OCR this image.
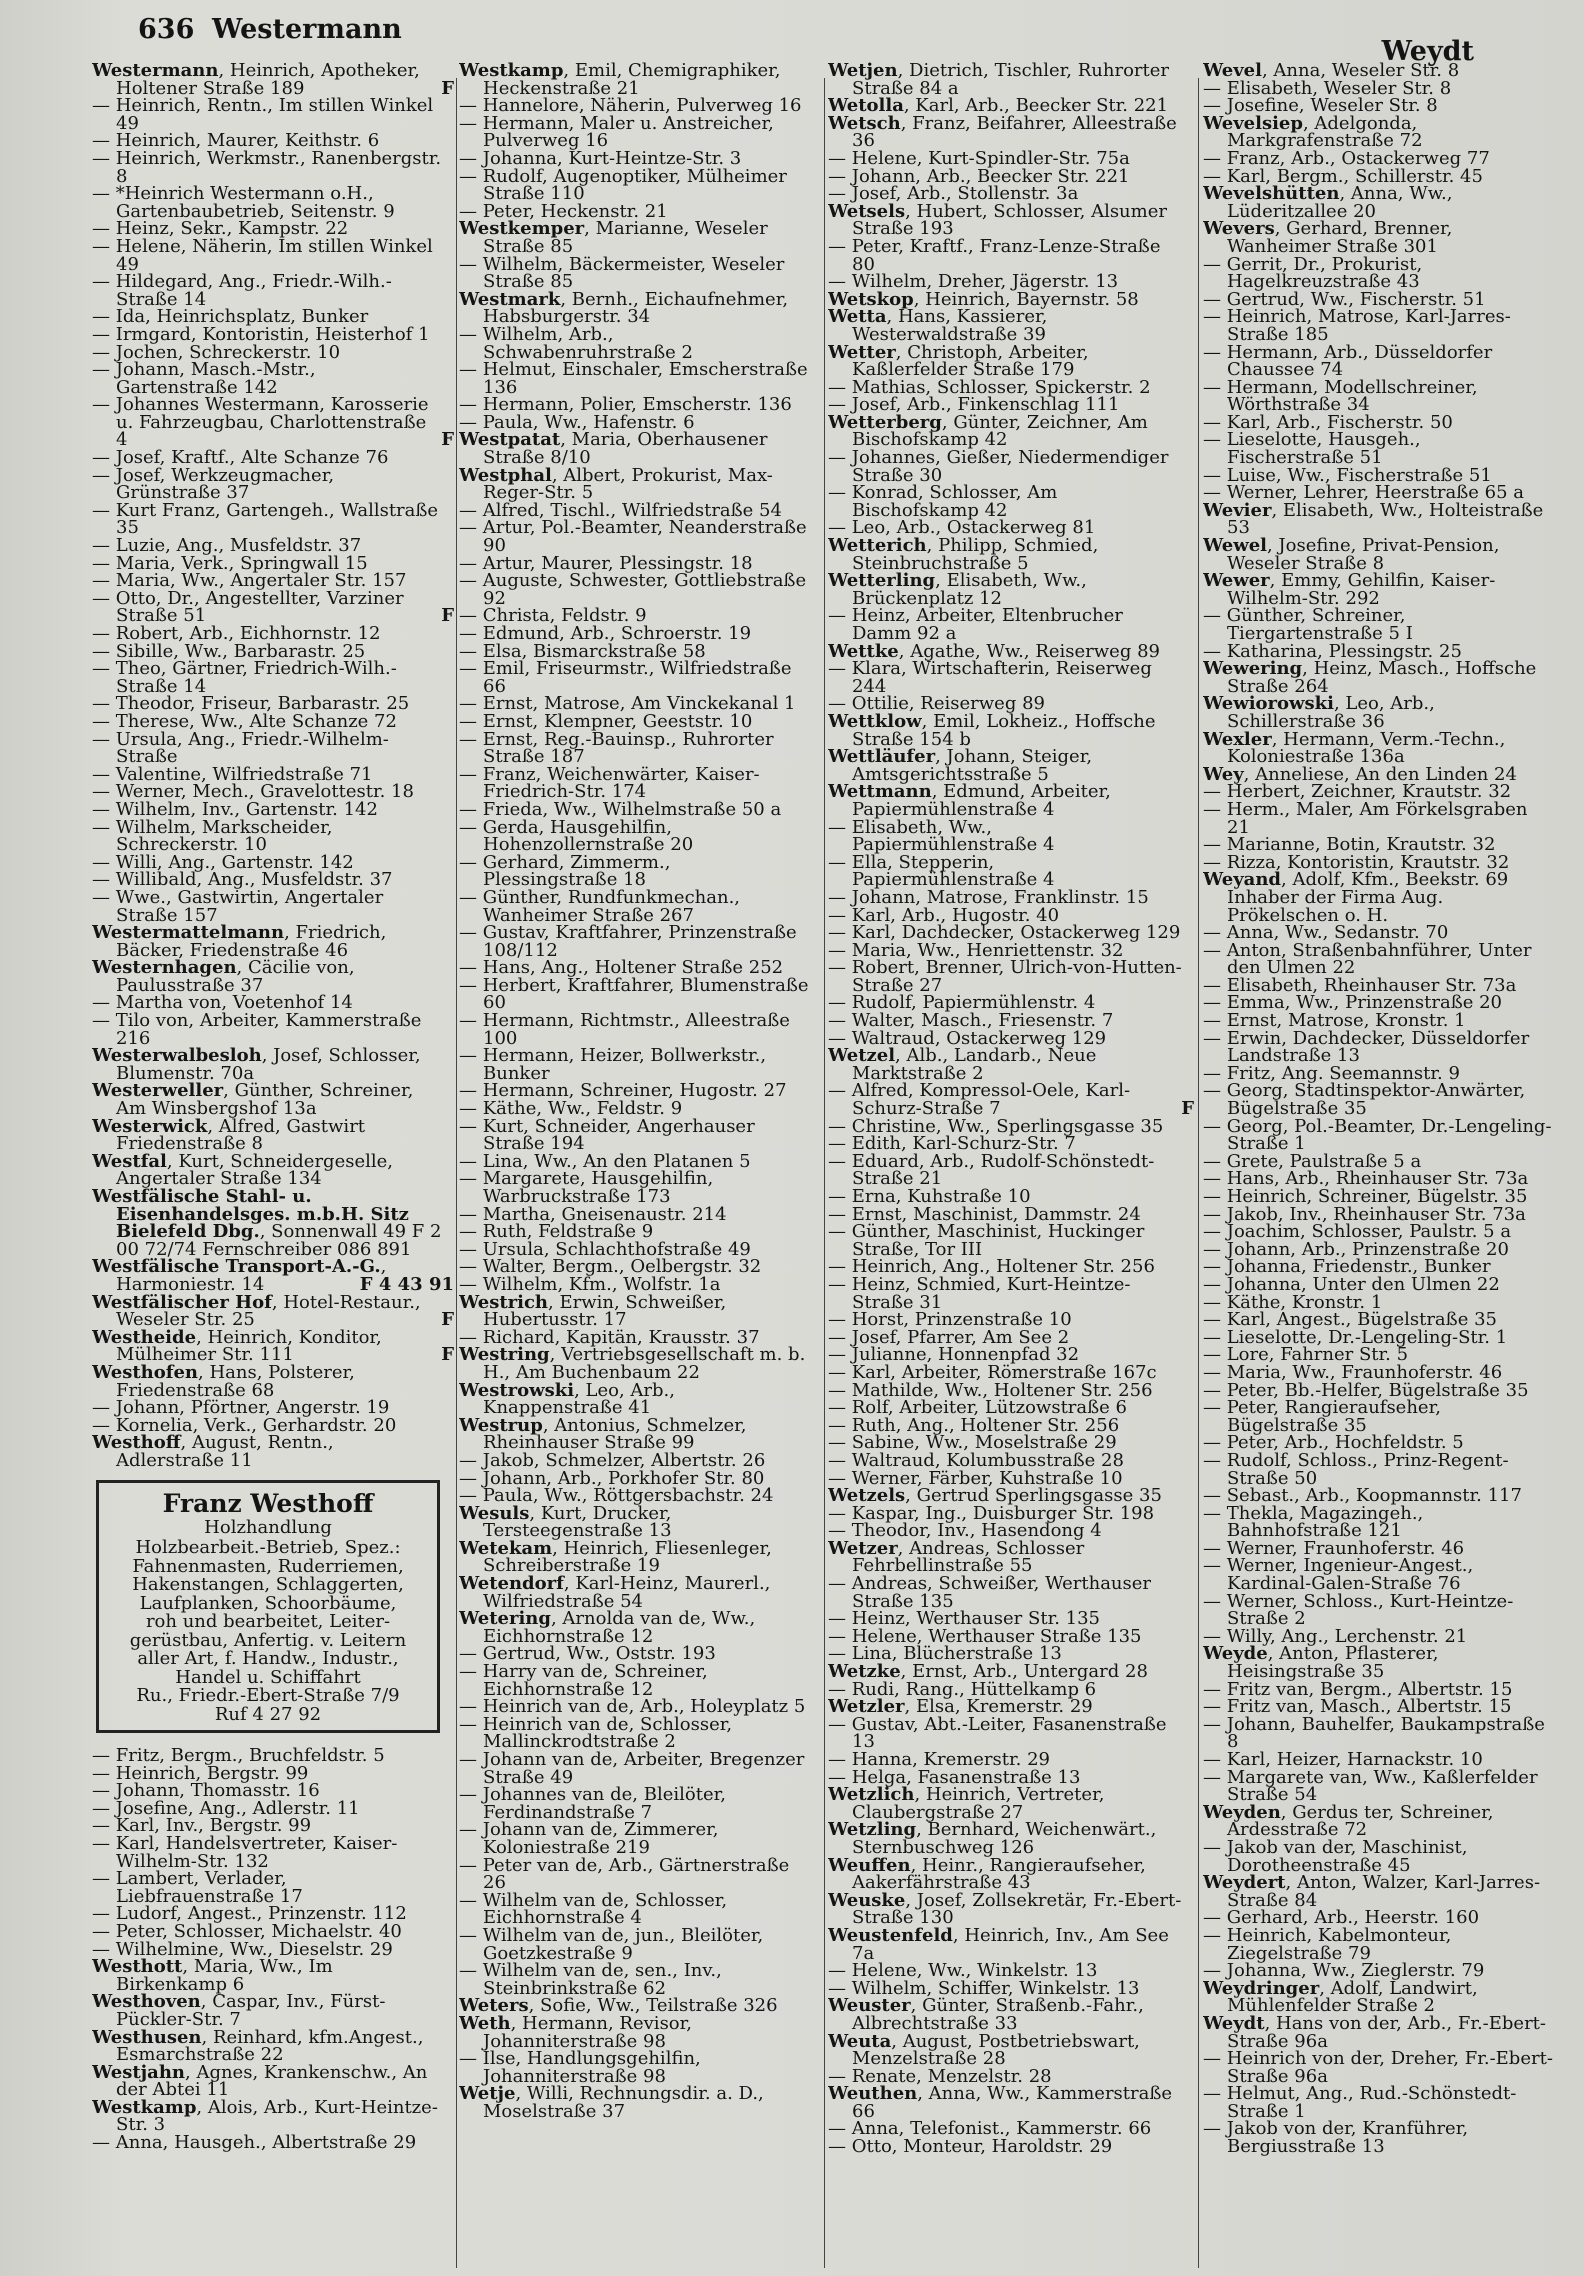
636 Westermann
Weydt
Westermann, Heinrich, Apotheker, Holtener Straße 189	F
— Heinrich, Rentn., Im stillen Winkel 49
— Heinrich, Maurer, Keithstr. 6
— Heinrich, Werkmstr., Ranenbergstr. 8
— *Heinrich Westermann o.H., Gartenbaubetrieb, Seitenstr. 9
— Heinz, Sekr., Kampstr. 22
— Helene, Näherin, Im stillen Winkel 49
— Hildegard, Ang., Friedr.-Wilh.-Straße 14
— Ida, Heinrichsplatz, Bunker
— Irmgard, Kontoristin, Heisterhof 1
— Jochen, Schreckerstr. 10
— Johann, Masch.-Mstr., Gartenstraße 142
— Johannes Westermann, Karosserie u. Fahrzeugbau, Charlottenstraße 4	F
— Josef, Kraftf., Alte Schanze 76
— Josef, Werkzeugmacher, Grünstraße 37
— Kurt Franz, Gartengeh., Wallstraße 35
— Luzie, Ang., Musfeldstr. 37
— Maria, Verk., Springwall 15
— Maria, Ww., Angertaler Str. 157
— Otto, Dr., Angestellter, Varziner Straße 51	F
— Robert, Arb., Eichhornstr. 12
— Sibille, Ww., Barbarastr. 25
— Theo, Gärtner, Friedrich-Wilh.-Straße 14
— Theodor, Friseur, Barbarastr. 25
— Therese, Ww., Alte Schanze 72
— Ursula, Ang., Friedr.-Wilhelm-Straße
— Valentine, Wilfriedstraße 71
— Werner, Mech., Gravelottestr. 18
— Wilhelm, Inv., Gartenstr. 142
— Wilhelm, Markscheider, Schreckerstr. 10
— Willi, Ang., Gartenstr. 142
— Willibald, Ang., Musfeldstr. 37
— Wwe., Gastwirtin, Angertaler Straße 157
Westermattelmann, Friedrich, Bäcker, Friedenstraße 46
Westernhagen, Cäcilie von, Paulusstraße 37
— Martha von, Voetenhof 14
— Tilo von, Arbeiter, Kammerstraße 216
Westerwalbesloh, Josef, Schlosser, Blumenstr. 70a
Westerweller, Günther, Schreiner, Am Winsbergshof 13a
Westerwick, Alfred, Gastwirt Friedenstraße 8
Westfal, Kurt, Schneidergeselle, Angertaler Straße 134
Westfälische Stahl- u. Eisenhandelsges. m.b.H. Sitz Bielefeld Dbg., Sonnenwall 49 F 2 00 72/74 Fernschreiber 086 891
Westfälische Transport-A.-G., Harmoniestr. 14	F 4 43 91
Westfälischer Hof, Hotel-Restaur., Weseler Str. 25	F
Westheide, Heinrich, Konditor, Mülheimer Str. 111	F
Westhofen, Hans, Polsterer, Friedenstraße 68
— Johann, Pförtner, Angerstr. 19
— Kornelia, Verk., Gerhardstr. 20
Westhoff, August, Rentn., Adlerstraße 11
Franz Westhoff
Holzhandlung
Holzbearbeit.-Betrieb, Spez.:
Fahnenmasten, Ruderriemen,
Hakenstangen, Schlaggerten,
Laufplanken, Schoorbäume,
roh und bearbeitet, Leiter-
gerüstbau, Anfertig. v. Leitern
aller Art, f. Handw., Industr.,
Handel u. Schiffahrt
Ru., Friedr.-Ebert-Straße 7/9
Ruf 4 27 92
— Fritz, Bergm., Bruchfeldstr. 5
— Heinrich, Bergstr. 99
— Johann, Thomasstr. 16
— Josefine, Ang., Adlerstr. 11
— Karl, Inv., Bergstr. 99
— Karl, Handelsvertreter, Kaiser-Wilhelm-Str. 132
— Lambert, Verlader, Liebfrauenstraße 17
— Ludorf, Angest., Prinzenstr. 112
— Peter, Schlosser, Michaelstr. 40
— Wilhelmine, Ww., Dieselstr. 29
Westhott, Maria, Ww., Im Birkenkamp 6
Westhoven, Caspar, Inv., Fürst-Pückler-Str. 7
Westhusen, Reinhard, kfm.Angest., Esmarchstraße 22
Westjahn, Agnes, Krankenschw., An der Abtei 11
Westkamp, Alois, Arb., Kurt-Heintze-Str. 3
— Anna, Hausgeh., Albertstraße 29
Westkamp, Emil, Chemigraphiker, Heckenstraße 21
— Hannelore, Näherin, Pulverweg 16
— Hermann, Maler u. Anstreicher, Pulverweg 16
— Johanna, Kurt-Heintze-Str. 3
— Rudolf, Augenoptiker, Mülheimer Straße 110
— Peter, Heckenstr. 21
Westkemper, Marianne, Weseler Straße 85
— Wilhelm, Bäckermeister, Weseler Straße 85
Westmark, Bernh., Eichaufnehmer, Habsburgerstr. 34
— Wilhelm, Arb., Schwabenruhrstraße 2
— Helmut, Einschaler, Emscherstraße 136
— Hermann, Polier, Emscherstr. 136
— Paula, Ww., Hafenstr. 6
Westpatat, Maria, Oberhausener Straße 8/10
Westphal, Albert, Prokurist, Max-Reger-Str. 5
— Alfred, Tischl., Wilfriedstraße 54
— Artur, Pol.-Beamter, Neanderstraße 90
— Artur, Maurer, Plessingstr. 18
— Auguste, Schwester, Gottliebstraße 92
— Christa, Feldstr. 9
— Edmund, Arb., Schroerstr. 19
— Elsa, Bismarckstraße 58
— Emil, Friseurmstr., Wilfriedstraße 66
— Ernst, Matrose, Am Vinckekanal 1
— Ernst, Klempner, Geeststr. 10
— Ernst, Reg.-Bauinsp., Ruhrorter Straße 187
— Franz, Weichenwärter, Kaiser-Friedrich-Str. 174
— Frieda, Ww., Wilhelmstraße 50 a
— Gerda, Hausgehilfin, Hohenzollernstraße 20
— Gerhard, Zimmerm., Plessingstraße 18
— Günther, Rundfunkmechan., Wanheimer Straße 267
— Gustav, Kraftfahrer, Prinzenstraße 108/112
— Hans, Ang., Holtener Straße 252
— Herbert, Kraftfahrer, Blumenstraße 60
— Hermann, Richtmstr., Alleestraße 100
— Hermann, Heizer, Bollwerkstr., Bunker
— Hermann, Schreiner, Hugostr. 27
— Käthe, Ww., Feldstr. 9
— Kurt, Schneider, Angerhauser Straße 194
— Lina, Ww., An den Platanen 5
— Margarete, Hausgehilfin, Warbruckstraße 173
— Martha, Gneisenaustr. 214
— Ruth, Feldstraße 9
— Ursula, Schlachthofstraße 49
— Walter, Bergm., Oelbergstr. 32
— Wilhelm, Kfm., Wolfstr. 1a
Westrich, Erwin, Schweißer, Hubertusstr. 17
— Richard, Kapitän, Krausstr. 37
Westring, Vertriebsgesellschaft m. b. H., Am Buchenbaum 22
Westrowski, Leo, Arb., Knappenstraße 41
Westrup, Antonius, Schmelzer, Rheinhauser Straße 99
— Jakob, Schmelzer, Albertstr. 26
— Johann, Arb., Porkhofer Str. 80
— Paula, Ww., Röttgersbachstr. 24
Wesuls, Kurt, Drucker, Tersteegenstraße 13
Wetekam, Heinrich, Fliesenleger, Schreiberstraße 19
Wetendorf, Karl-Heinz, Maurerl., Wilfriedstraße 54
Wetering, Arnolda van de, Ww., Eichhornstraße 12
— Gertrud, Ww., Oststr. 193
— Harry van de, Schreiner, Eichhornstraße 12
— Heinrich van de, Arb., Holeyplatz 5
— Heinrich van de, Schlosser, Mallinckrodtstraße 2
— Johann van de, Arbeiter, Bregenzer Straße 49
— Johannes van de, Bleilöter, Ferdinandstraße 7
— Johann van de, Zimmerer, Koloniestraße 219
— Peter van de, Arb., Gärtnerstraße 26
— Wilhelm van de, Schlosser, Eichhornstraße 4
— Wilhelm van de, jun., Bleilöter, Goetzkestraße 9
— Wilhelm van de, sen., Inv., Steinbrinkstraße 62
Weters, Sofie, Ww., Teilstraße 326
Weth, Hermann, Revisor, Johanniterstraße 98
— Ilse, Handlungsgehilfin, Johanniterstraße 98
Wetje, Willi, Rechnungsdir. a. D., Moselstraße 37
Wetjen, Dietrich, Tischler, Ruhrorter Straße 84 a
Wetolla, Karl, Arb., Beecker Str. 221
Wetsch, Franz, Beifahrer, Alleestraße 36
— Helene, Kurt-Spindler-Str. 75a
— Johann, Arb., Beecker Str. 221
— Josef, Arb., Stollenstr. 3a
Wetsels, Hubert, Schlosser, Alsumer Straße 193
— Peter, Kraftf., Franz-Lenze-Straße 80
— Wilhelm, Dreher, Jägerstr. 13
Wetskop, Heinrich, Bayernstr. 58
Wetta, Hans, Kassierer, Westerwaldstraße 39
Wetter, Christoph, Arbeiter, Kaßlerfelder Straße 179
— Mathias, Schlosser, Spickerstr. 2
— Josef, Arb., Finkenschlag 111
Wetterberg, Günter, Zeichner, Am Bischofskamp 42
— Johannes, Gießer, Niedermendiger Straße 30
— Konrad, Schlosser, Am Bischofskamp 42
— Leo, Arb., Ostackerweg 81
Wetterich, Philipp, Schmied, Steinbruchstraße 5
Wetterling, Elisabeth, Ww., Brückenplatz 12
— Heinz, Arbeiter, Eltenbrucher Damm 92 a
Wettke, Agathe, Ww., Reiserweg 89
— Klara, Wirtschafterin, Reiserweg 244
— Ottilie, Reiserweg 89
Wettklow, Emil, Lokheiz., Hoffsche Straße 154 b
Wettläufer, Johann, Steiger, Amtsgerichtsstraße 5
Wettmann, Edmund, Arbeiter, Papiermühlenstraße 4
— Elisabeth, Ww., Papiermühlenstraße 4
— Ella, Stepperin, Papiermühlenstraße 4
— Johann, Matrose, Franklinstr. 15
— Karl, Arb., Hugostr. 40
— Karl, Dachdecker, Ostackerweg 129
— Maria, Ww., Henriettenstr. 32
— Robert, Brenner, Ulrich-von-Hutten-Straße 27
— Rudolf, Papiermühlenstr. 4
— Walter, Masch., Friesenstr. 7
— Waltraud, Ostackerweg 129
Wetzel, Alb., Landarb., Neue Marktstraße 2
— Alfred, Kompressol-Oele, Karl-Schurz-Straße 7	F
— Christine, Ww., Sperlingsgasse 35
— Edith, Karl-Schurz-Str. 7
— Eduard, Arb., Rudolf-Schönstedt-Straße 21
— Erna, Kuhstraße 10
— Ernst, Maschinist, Dammstr. 24
— Günther, Maschinist, Huckinger Straße, Tor III
— Heinrich, Ang., Holtener Str. 256
— Heinz, Schmied, Kurt-Heintze-Straße 31
— Horst, Prinzenstraße 10
— Josef, Pfarrer, Am See 2
— Julianne, Honnenpfad 32
— Karl, Arbeiter, Römerstraße 167c
— Mathilde, Ww., Holtener Str. 256
— Rolf, Arbeiter, Lützowstraße 6
— Ruth, Ang., Holtener Str. 256
— Sabine, Ww., Moselstraße 29
— Waltraud, Kolumbusstraße 28
— Werner, Färber, Kuhstraße 10
Wetzels, Gertrud Sperlingsgasse 35
— Kaspar, Ing., Duisburger Str. 198
— Theodor, Inv., Hasendong 4
Wetzer, Andreas, Schlosser Fehrbellinstraße 55
— Andreas, Schweißer, Werthauser Straße 135
— Heinz, Werthauser Str. 135
— Helene, Werthauser Straße 135
— Lina, Blücherstraße 13
Wetzke, Ernst, Arb., Untergard 28
— Rudi, Rang., Hüttelkamp 6
Wetzler, Elsa, Kremerstr. 29
— Gustav, Abt.-Leiter, Fasanenstraße 13
— Hanna, Kremerstr. 29
— Helga, Fasanenstraße 13
Wetzlich, Heinrich, Vertreter, Claubergstraße 27
Wetzling, Bernhard, Weichenwärt., Sternbuschweg 126
Weuffen, Heinr., Rangieraufseher, Aakerfährstraße 43
Weuske, Josef, Zollsekretär, Fr.-Ebert-Straße 130
Weustenfeld, Heinrich, Inv., Am See 7a
— Helene, Ww., Winkelstr. 13
— Wilhelm, Schiffer, Winkelstr. 13
Weuster, Günter, Straßenb.-Fahr., Albrechtstraße 33
Weuta, August, Postbetriebswart, Menzelstraße 28
— Renate, Menzelstr. 28
Weuthen, Anna, Ww., Kammerstraße 66
— Anna, Telefonist., Kammerstr. 66
— Otto, Monteur, Haroldstr. 29
Wevel, Anna, Weseler Str. 8
— Elisabeth, Weseler Str. 8
— Josefine, Weseler Str. 8
Wevelsiep, Adelgonda, Markgrafenstraße 72
— Franz, Arb., Ostackerweg 77
— Karl, Bergm., Schillerstr. 45
Wevelshütten, Anna, Ww., Lüderitzallee 20
Wevers, Gerhard, Brenner, Wanheimer Straße 301
— Gerrit, Dr., Prokurist, Hagelkreuzstraße 43
— Gertrud, Ww., Fischerstr. 51
— Heinrich, Matrose, Karl-Jarres-Straße 185
— Hermann, Arb., Düsseldorfer Chaussee 74
— Hermann, Modellschreiner, Wörthstraße 34
— Karl, Arb., Fischerstr. 50
— Lieselotte, Hausgeh., Fischerstraße 51
— Luise, Ww., Fischerstraße 51
— Werner, Lehrer, Heerstraße 65 a
Wevier, Elisabeth, Ww., Holteistraße 53
Wewel, Josefine, Privat-Pension, Weseler Straße 8
Wewer, Emmy, Gehilfin, Kaiser-Wilhelm-Str. 292
— Günther, Schreiner, Tiergartenstraße 5 I
— Katharina, Plessingstr. 25
Wewering, Heinz, Masch., Hoffsche Straße 264
Wewiorowski, Leo, Arb., Schillerstraße 36
Wexler, Hermann, Verm.-Techn., Koloniestraße 136a
Wey, Anneliese, An den Linden 24
— Herbert, Zeichner, Krautstr. 32
— Herm., Maler, Am Förkelsgraben 21
— Marianne, Botin, Krautstr. 32
— Rizza, Kontoristin, Krautstr. 32
Weyand, Adolf, Kfm., Beekstr. 69 Inhaber der Firma Aug. Prökelschen o. H.
— Anna, Ww., Sedanstr. 70
— Anton, Straßenbahnführer, Unter den Ulmen 22
— Elisabeth, Rheinhauser Str. 73a
— Emma, Ww., Prinzenstraße 20
— Ernst, Matrose, Kronstr. 1
— Erwin, Dachdecker, Düsseldorfer Landstraße 13
— Fritz, Ang. Seemannstr. 9
— Georg, Stadtinspektor-Anwärter, Bügelstraße 35
— Georg, Pol.-Beamter, Dr.-Lengeling-Straße 1
— Grete, Paulstraße 5 a
— Hans, Arb., Rheinhauser Str. 73a
— Heinrich, Schreiner, Bügelstr. 35
— Jakob, Inv., Rheinhauser Str. 73a
— Joachim, Schlosser, Paulstr. 5 a
— Johann, Arb., Prinzenstraße 20
— Johanna, Friedenstr., Bunker
— Johanna, Unter den Ulmen 22
— Käthe, Kronstr. 1
— Karl, Angest., Bügelstraße 35
— Lieselotte, Dr.-Lengeling-Str. 1
— Lore, Fahrner Str. 5
— Maria, Ww., Fraunhoferstr. 46
— Peter, Bb.-Helfer, Bügelstraße 35
— Peter, Rangieraufseher, Bügelstraße 35
— Peter, Arb., Hochfeldstr. 5
— Rudolf, Schloss., Prinz-Regent-Straße 50
— Sebast., Arb., Koopmannstr. 117
— Thekla, Magazingeh., Bahnhofstraße 121
— Werner, Fraunhoferstr. 46
— Werner, Ingenieur-Angest., Kardinal-Galen-Straße 76
— Werner, Schloss., Kurt-Heintze-Straße 2
— Willy, Ang., Lerchenstr. 21
Weyde, Anton, Pflasterer, Heisingstraße 35
— Fritz van, Bergm., Albertstr. 15
— Fritz van, Masch., Albertstr. 15
— Johann, Bauhelfer, Baukampstraße 8
— Karl, Heizer, Harnackstr. 10
— Margarete van, Ww., Kaßlerfelder Straße 54
Weyden, Gerdus ter, Schreiner, Ardesstraße 72
— Jakob van der, Maschinist, Dorotheenstraße 45
Weydert, Anton, Walzer, Karl-Jarres-Straße 84
— Gerhard, Arb., Heerstr. 160
— Heinrich, Kabelmonteur, Ziegelstraße 79
— Johanna, Ww., Zieglerstr. 79
Weydringer, Adolf, Landwirt, Mühlenfelder Straße 2
Weydt, Hans von der, Arb., Fr.-Ebert-Straße 96a
— Heinrich von der, Dreher, Fr.-Ebert-Straße 96a
— Helmut, Ang., Rud.-Schönstedt-Straße 1
— Jakob von der, Kranführer, Bergiusstraße 13
